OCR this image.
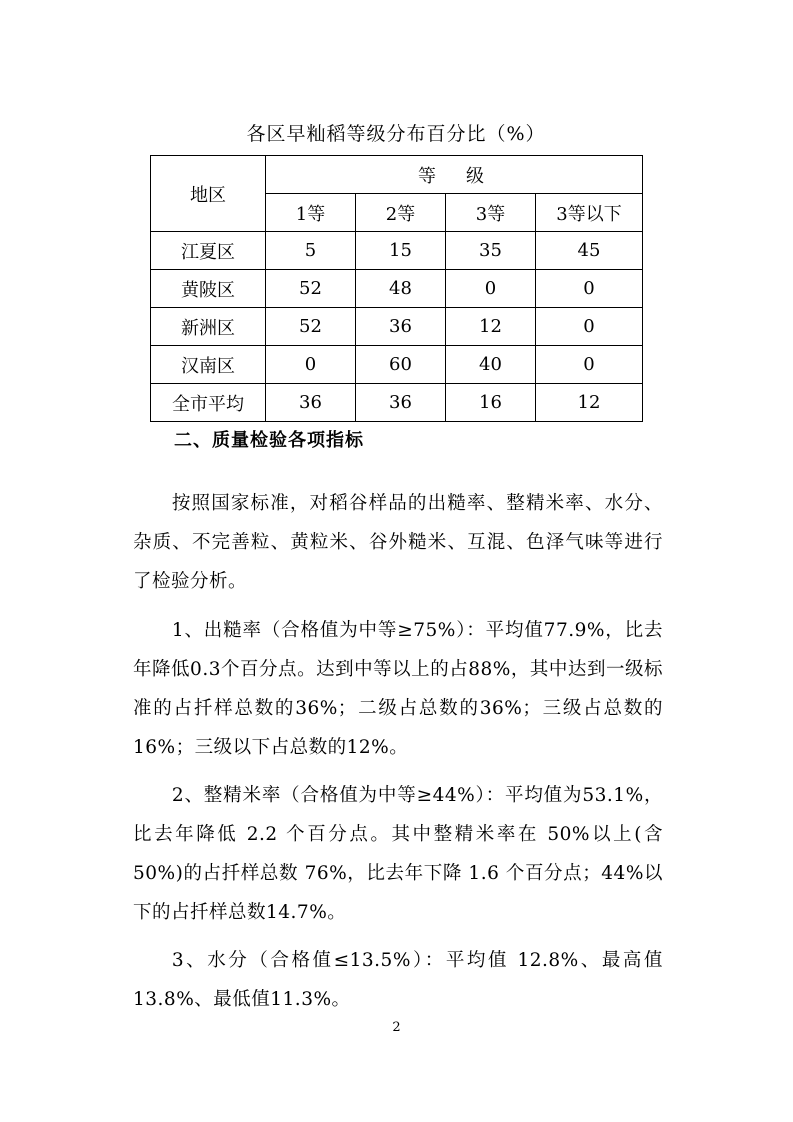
各区早籼稻等级分布百分比（%）
地区	等　级			
	1等	2等	3等	3等以下
江夏区	5	15	35	45
黄陂区	52	48	0	0
新洲区	52	36	12	0
汉南区	0	60	40	0
全市平均	36	36	16	12
二、质量检验各项指标

按照国家标准，对稻谷样品的出糙率、整精米率、水分、杂质、不完善粒、黄粒米、谷外糙米、互混、色泽气味等进行了检验分析。

1、出糙率（合格值为中等≥75%）：平均值77.9%，比去年降低0.3个百分点。达到中等以上的占88%，其中达到一级标准的占扦样总数的36%；二级占总数的36%；三级占总数的16%；三级以下占总数的12%。

2、整精米率（合格值为中等≥44%）：平均值为53.1%，比去年降低 2.2 个百分点。其中整精米率在 50%以上(含50%)的占扦样总数 76%，比去年下降 1.6 个百分点；44%以下的占扦样总数14.7%。

3、水分（合格值≤13.5%）：平均值 12.8%、最高值13.8%、最低值11.3%。

2
